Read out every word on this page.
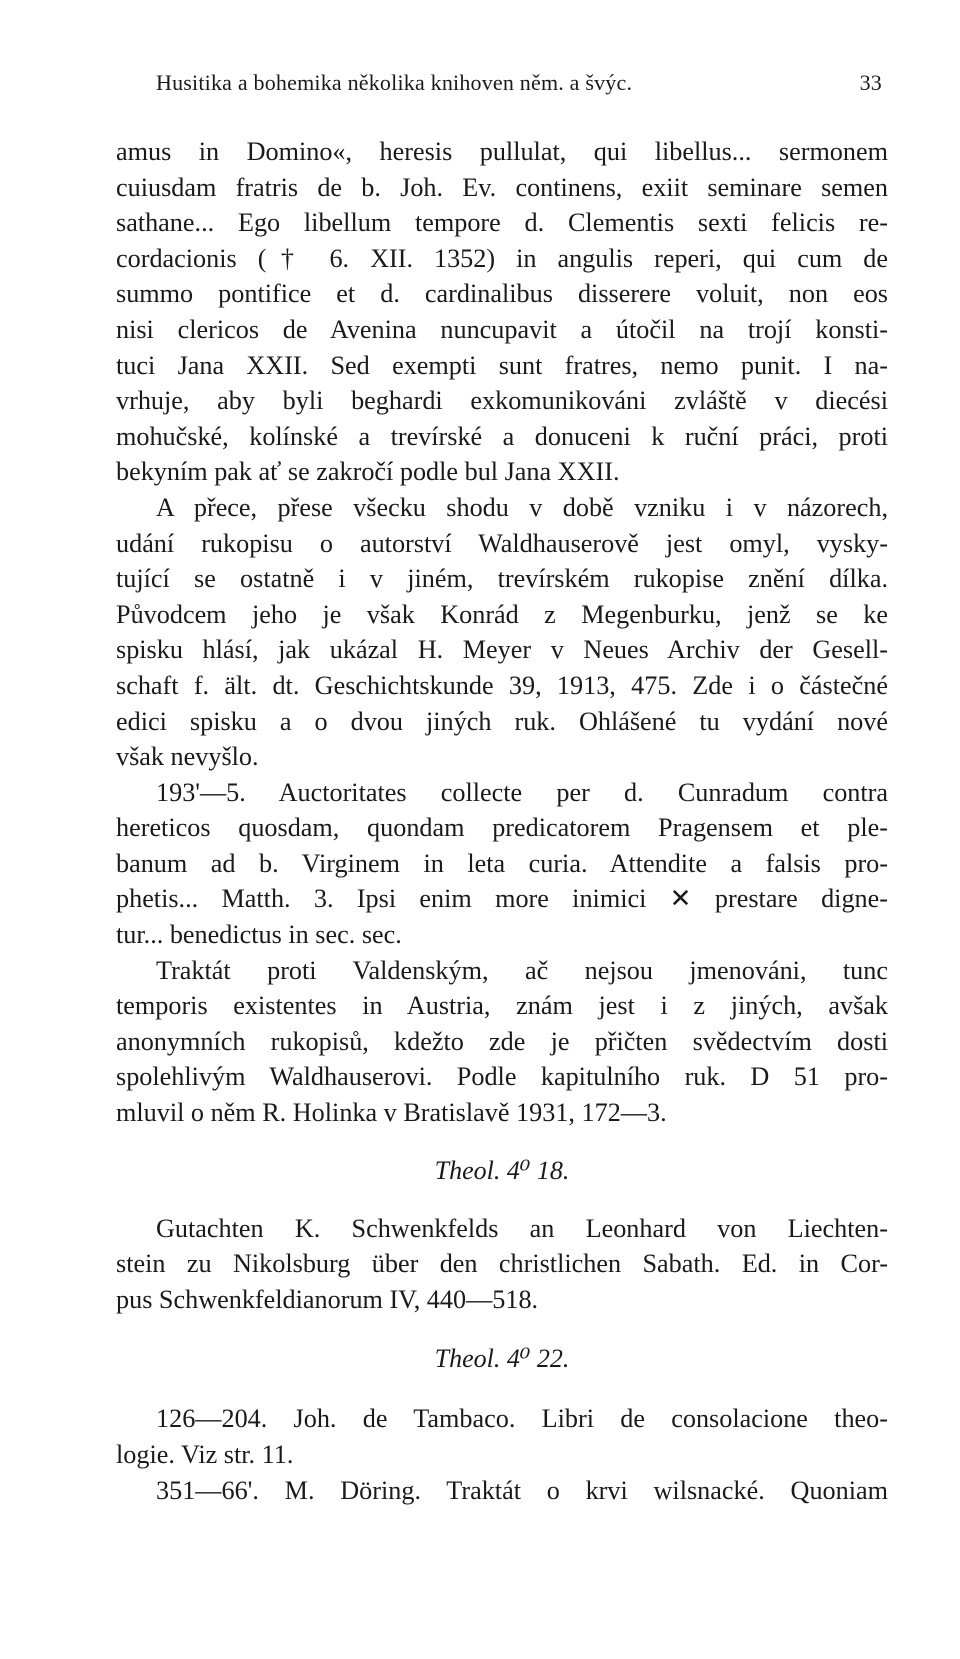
Husitika a bohemika několika knihoven něm. a švýc.	33
amus in Domino«, heresis pullulat, qui libellus... sermonem
cuiusdam fratris de b. Joh. Ev. continens, exiit seminare semen
sathane... Ego libellum tempore d. Clementis sexti felicis re-
cordacionis († 6. XII. 1352) in angulis reperi, qui cum de
summo pontifice et d. cardinalibus disserere voluit, non eos
nisi clericos de Avenina nuncupavit a útočil na trojí konsti-
tuci Jana XXII. Sed exempti sunt fratres, nemo punit. I na-
vrhuje, aby byli beghardi exkomunikováni zvláště v diecési
mohučské, kolínské a trevírské a donuceni k ruční práci, proti
bekyním pak ať se zakročí podle bul Jana XXII.
A přece, přese všecku shodu v době vzniku i v názorech,
udání rukopisu o autorství Waldhauserově jest omyl, vysky-
tující se ostatně i v jiném, trevírském rukopise znění dílka.
Původcem jeho je však Konrád z Megenburku, jenž se ke
spisku hlásí, jak ukázal H. Meyer v Neues Archiv der Gesell-
schaft f. ält. dt. Geschichtskunde 39, 1913, 475. Zde i o částečné
edici spisku a o dvou jiných ruk. Ohlášené tu vydání nové
však nevyšlo.
193'—5. Auctoritates collecte per d. Cunradum contra
hereticos quosdam, quondam predicatorem Pragensem et ple-
banum ad b. Virginem in leta curia. Attendite a falsis pro-
phetis... Matth. 3. Ipsi enim more inimici ✕ prestare digne-
tur... benedictus in sec. sec.
Traktát proti Valdenským, ač nejsou jmenováni, tunc
temporis existentes in Austria, znám jest i z jiných, avšak
anonymních rukopisů, kdežto zde je přičten svědectvím dosti
spolehlivým Waldhauserovi. Podle kapitulního ruk. D 51 pro-
mluvil o něm R. Holinka v Bratislavě 1931, 172—3.
Theol. 4⁰ 18.
Gutachten K. Schwenkfelds an Leonhard von Liechten-
stein zu Nikolsburg über den christlichen Sabath. Ed. in Cor-
pus Schwenkfeldianorum IV, 440—518.
Theol. 4⁰ 22.
126—204. Joh. de Tambaco. Libri de consolacione theo-
logie. Viz str. 11.
351—66'. M. Döring. Traktát o krvi wilsnacké. Quoniam
